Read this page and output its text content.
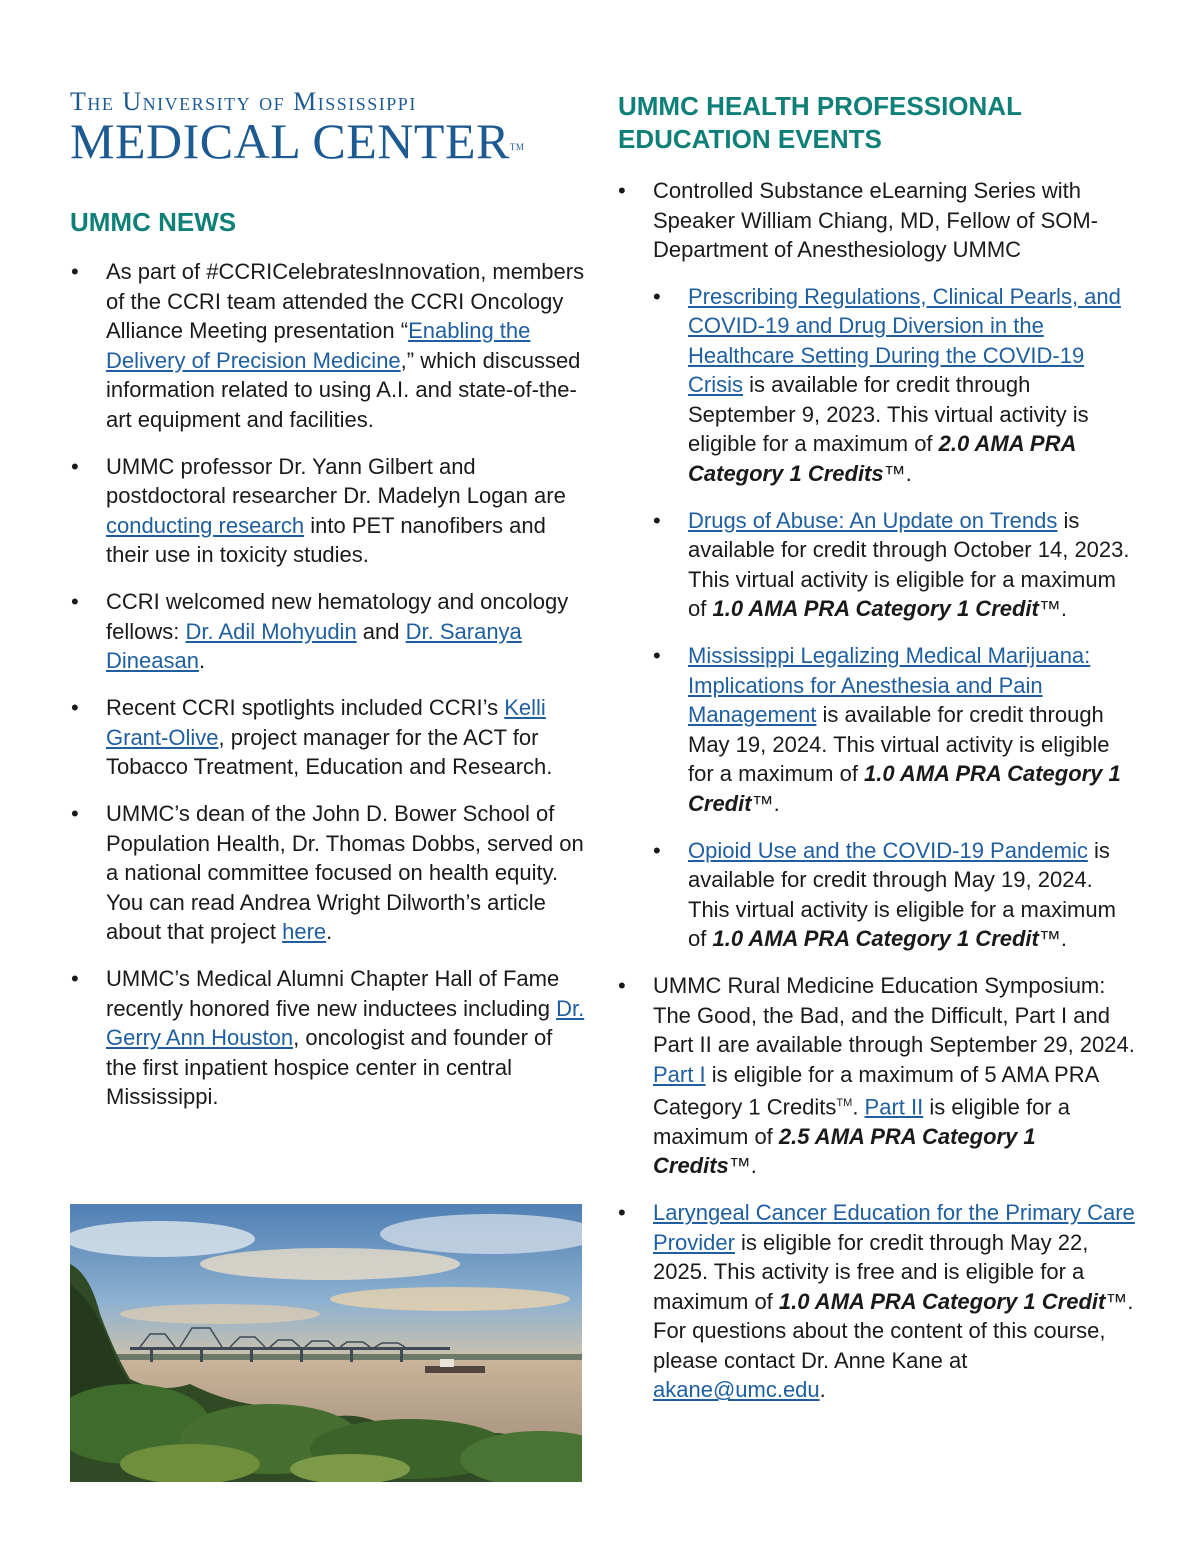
The University of Mississippi
MEDICAL CENTER™
UMMC NEWS
• As part of #CCRICelebratesInnovation, members of the CCRI team attended the CCRI Oncology Alliance Meeting presentation “Enabling the Delivery of Precision Medicine,” which discussed information related to using A.I. and state-of-the-art equipment and facilities.
• UMMC professor Dr. Yann Gilbert and postdoctoral researcher Dr. Madelyn Logan are conducting research into PET nanofibers and their use in toxicity studies.
• CCRI welcomed new hematology and oncology fellows: Dr. Adil Mohyudin and Dr. Saranya Dineasan.
• Recent CCRI spotlights included CCRI’s Kelli Grant-Olive, project manager for the ACT for Tobacco Treatment, Education and Research.
• UMMC’s dean of the John D. Bower School of Population Health, Dr. Thomas Dobbs, served on a national committee focused on health equity. You can read Andrea Wright Dilworth’s article about that project here.
• UMMC’s Medical Alumni Chapter Hall of Fame recently honored five new inductees including Dr. Gerry Ann Houston, oncologist and founder of the first inpatient hospice center in central Mississippi.
UMMC HEALTH PROFESSIONAL
EDUCATION EVENTS
• Controlled Substance eLearning Series with Speaker William Chiang, MD, Fellow of SOM-Department of Anesthesiology UMMC
• Prescribing Regulations, Clinical Pearls, and COVID-19 and Drug Diversion in the Healthcare Setting During the COVID-19 Crisis is available for credit through September 9, 2023. This virtual activity is eligible for a maximum of 2.0 AMA PRA Category 1 Credits™.
• Drugs of Abuse: An Update on Trends is available for credit through October 14, 2023. This virtual activity is eligible for a maximum of 1.0 AMA PRA Category 1 Credit™.
• Mississippi Legalizing Medical Marijuana: Implications for Anesthesia and Pain Management is available for credit through May 19, 2024. This virtual activity is eligible for a maximum of 1.0 AMA PRA Category 1 Credit™.
• Opioid Use and the COVID-19 Pandemic is available for credit through May 19, 2024. This virtual activity is eligible for a maximum of 1.0 AMA PRA Category 1 Credit™.
• UMMC Rural Medicine Education Symposium: The Good, the Bad, and the Difficult, Part I and Part II are available through September 29, 2024. Part I is eligible for a maximum of 5 AMA PRA Category 1 Credits™. Part II is eligible for a maximum of 2.5 AMA PRA Category 1 Credits™.
• Laryngeal Cancer Education for the Primary Care Provider is eligible for credit through May 22, 2025. This activity is free and is eligible for a maximum of 1.0 AMA PRA Category 1 Credit™. For questions about the content of this course, please contact Dr. Anne Kane at akane@umc.edu.
